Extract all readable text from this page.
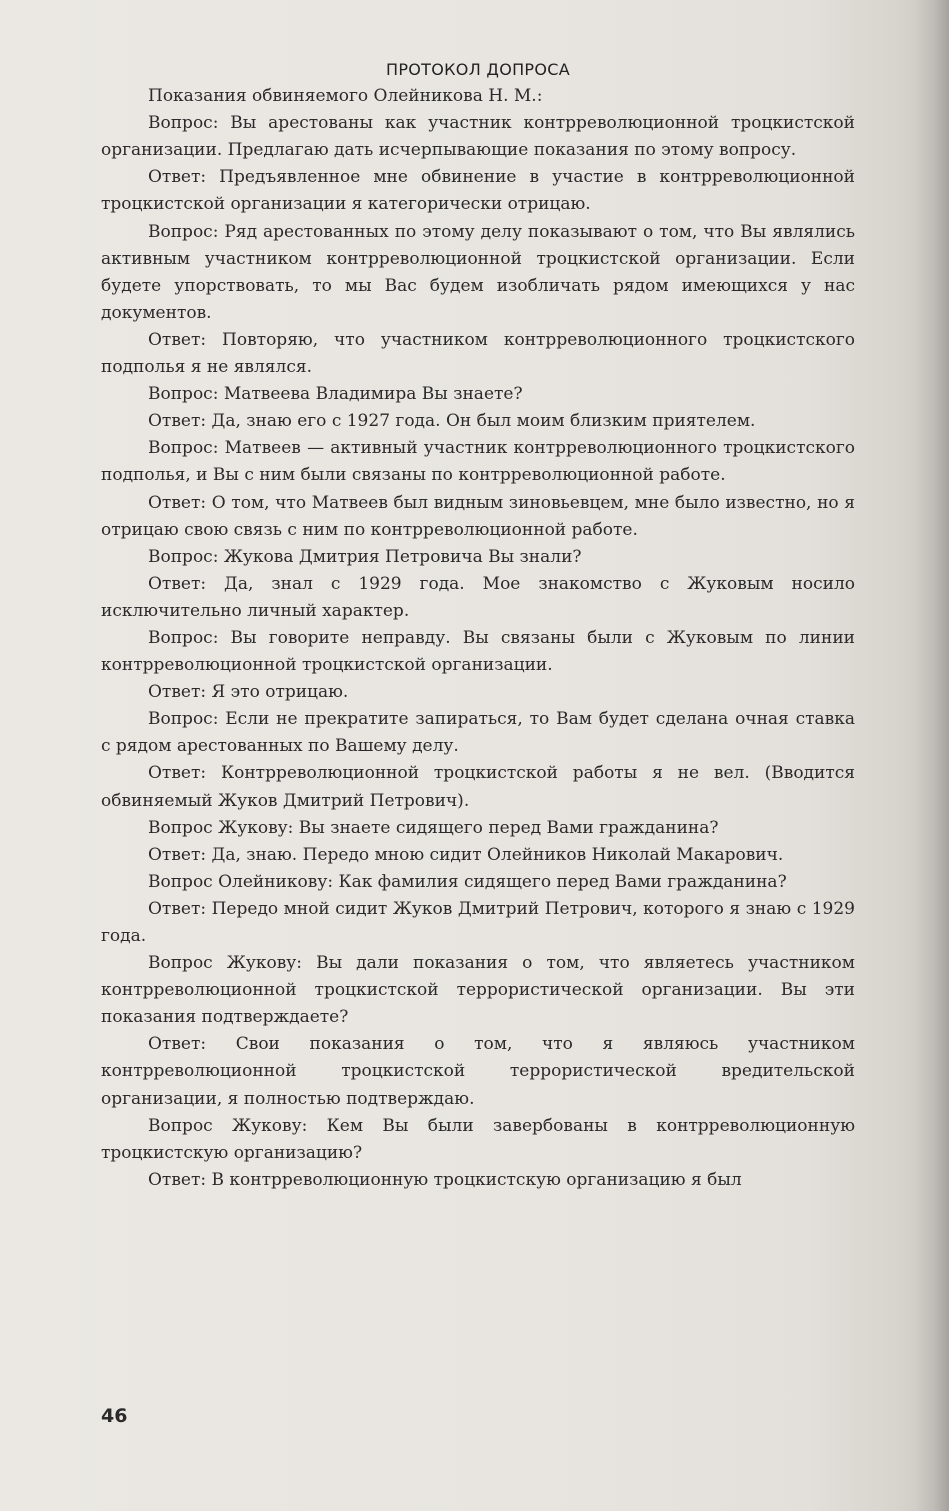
ПРОТОКОЛ ДОПРОСА

Показания обвиняемого Олейникова Н. М.:

Вопрос: Вы арестованы как участник контрреволюционной троцкистской организации. Предлагаю дать исчерпывающие показания по этому вопросу.

Ответ: Предъявленное мне обвинение в участие в контрреволюционной троцкистской организации я категорически отрицаю.

Вопрос: Ряд арестованных по этому делу показывают о том, что Вы являлись активным участником контрреволюционной троцкистской организации. Если будете упорствовать, то мы Вас будем изобличать рядом имеющихся у нас документов.

Ответ: Повторяю, что участником контрреволюционного троцкистского подполья я не являлся.

Вопрос: Матвеева Владимира Вы знаете?

Ответ: Да, знаю его с 1927 года. Он был моим близким приятелем.

Вопрос: Матвеев — активный участник контрреволюционного троцкистского подполья, и Вы с ним были связаны по контрреволюционной работе.

Ответ: О том, что Матвеев был видным зиновьевцем, мне было известно, но я отрицаю свою связь с ним по контрреволюционной работе.

Вопрос: Жукова Дмитрия Петровича Вы знали?

Ответ: Да, знал с 1929 года. Мое знакомство с Жуковым носило исключительно личный характер.

Вопрос: Вы говорите неправду. Вы связаны были с Жуковым по линии контрреволюционной троцкистской организации.

Ответ: Я это отрицаю.

Вопрос: Если не прекратите запираться, то Вам будет сделана очная ставка с рядом арестованных по Вашему делу.

Ответ: Контрреволюционной троцкистской работы я не вел. (Вводится обвиняемый Жуков Дмитрий Петрович).

Вопрос Жукову: Вы знаете сидящего перед Вами гражданина?

Ответ: Да, знаю. Передо мною сидит Олейников Николай Макарович.

Вопрос Олейникову: Как фамилия сидящего перед Вами гражданина?

Ответ: Передо мной сидит Жуков Дмитрий Петрович, которого я знаю с 1929 года.

Вопрос Жукову: Вы дали показания о том, что являетесь участником контрреволюционной троцкистской террористической организации. Вы эти показания подтверждаете?

Ответ: Свои показания о том, что я являюсь участником контрреволюционной троцкистской террористической вредительской организации, я полностью подтверждаю.

Вопрос Жукову: Кем Вы были завербованы в контрреволюционную троцкистскую организацию?

Ответ: В контрреволюционную троцкистскую организацию я был

46
